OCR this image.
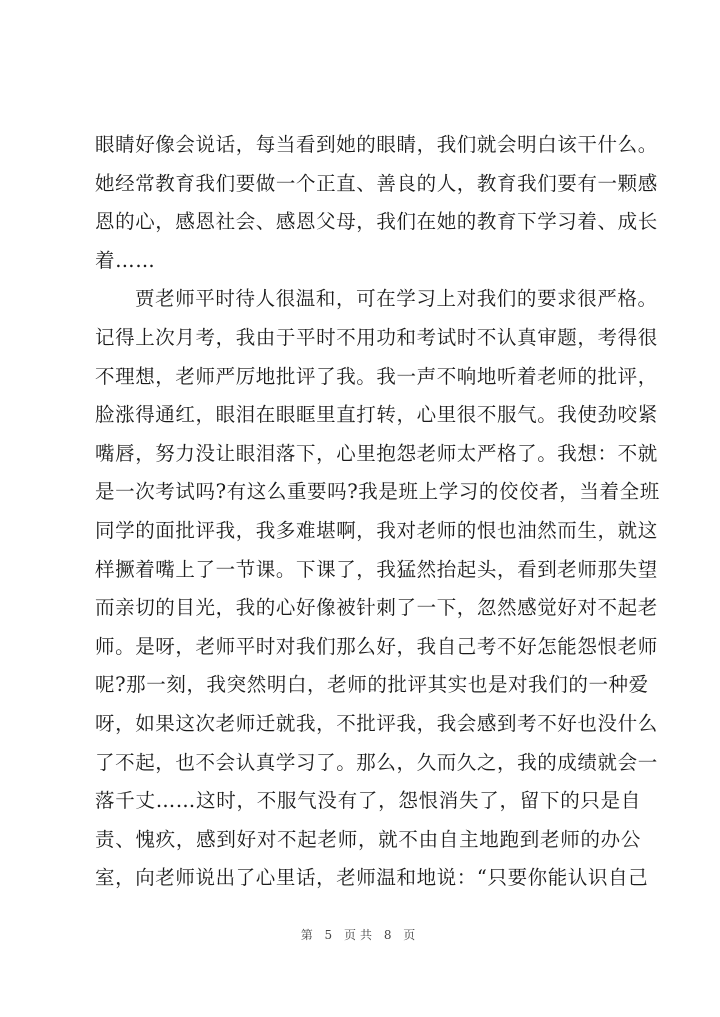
眼睛好像会说话，每当看到她的眼睛，我们就会明白该干什么。
她经常教育我们要做一个正直、善良的人，教育我们要有一颗感
恩的心，感恩社会、感恩父母，我们在她的教育下学习着、成长
着……
贾老师平时待人很温和，可在学习上对我们的要求很严格。
记得上次月考，我由于平时不用功和考试时不认真审题，考得很
不理想，老师严厉地批评了我。我一声不响地听着老师的批评，
脸涨得通红，眼泪在眼眶里直打转，心里很不服气。我使劲咬紧
嘴唇，努力没让眼泪落下，心里抱怨老师太严格了。我想：不就
是一次考试吗?有这么重要吗?我是班上学习的佼佼者，当着全班
同学的面批评我，我多难堪啊，我对老师的恨也油然而生，就这
样撅着嘴上了一节课。下课了，我猛然抬起头，看到老师那失望
而亲切的目光，我的心好像被针刺了一下，忽然感觉好对不起老
师。是呀，老师平时对我们那么好，我自己考不好怎能怨恨老师
呢?那一刻，我突然明白，老师的批评其实也是对我们的一种爱
呀，如果这次老师迁就我，不批评我，我会感到考不好也没什么
了不起，也不会认真学习了。那么，久而久之，我的成绩就会一
落千丈……这时，不服气没有了，怨恨消失了，留下的只是自
责、愧疚，感到好对不起老师，就不由自主地跑到老师的办公
室，向老师说出了心里话，老师温和地说：“只要你能认识自己
第 5 页共 8 页
